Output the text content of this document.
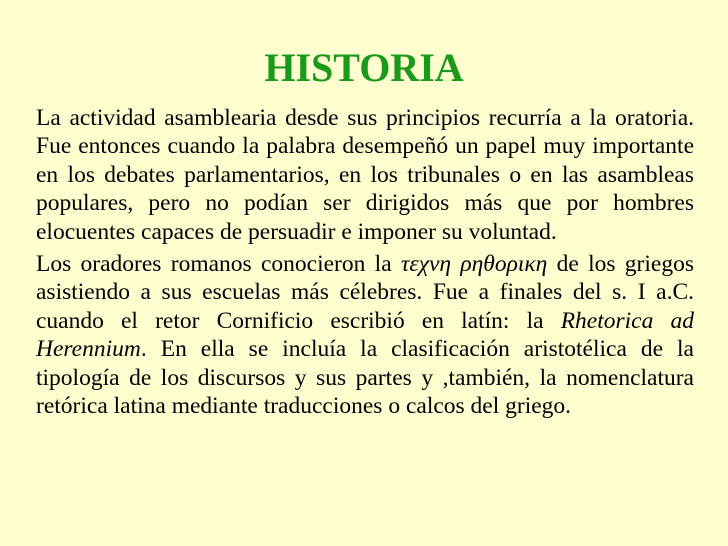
HISTORIA

La actividad asamblearia desde sus principios recurría a la oratoria. Fue entonces cuando la palabra desempeñó un papel muy importante en los debates parlamentarios, en los tribunales o en las asambleas populares, pero no podían ser dirigidos más que por hombres elocuentes capaces de persuadir e imponer su voluntad.

Los oradores romanos conocieron la τεχνη ρηθορικη de los griegos asistiendo a sus escuelas más célebres. Fue a finales del s. I a.C. cuando el retor Cornificio escribió en latín: la Rhetorica ad Herennium. En ella se incluía la clasificación aristotélica de la tipología de los discursos y sus partes y ,también, la nomenclatura retórica latina mediante traducciones o calcos del griego.
